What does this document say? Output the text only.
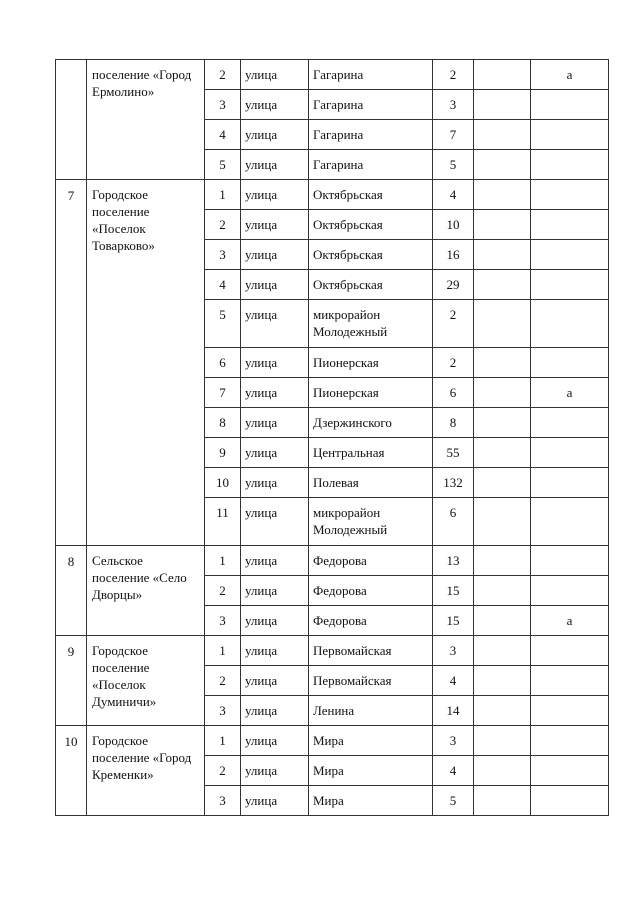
	поселение «Город Ермолино»	2	улица	Гагарина	2		а
		3	улица	Гагарина	3		
		4	улица	Гагарина	7		
		5	улица	Гагарина	5		
7	Городское поселение «Поселок Товарково»	1	улица	Октябрьская	4		
		2	улица	Октябрьская	10		
		3	улица	Октябрьская	16		
		4	улица	Октябрьская	29		
		5	улица	микрорайон Молодежный	2		
		6	улица	Пионерская	2		
		7	улица	Пионерская	6		а
		8	улица	Дзержинского	8		
		9	улица	Центральная	55		
		10	улица	Полевая	132		
		11	улица	микрорайон Молодежный	6		
8	Сельское поселение «Село Дворцы»	1	улица	Федорова	13		
		2	улица	Федорова	15		
		3	улица	Федорова	15		а
9	Городское поселение «Поселок Думиничи»	1	улица	Первомайская	3		
		2	улица	Первомайская	4		
		3	улица	Ленина	14		
10	Городское поселение «Город Кременки»	1	улица	Мира	3		
		2	улица	Мира	4		
		3	улица	Мира	5		
